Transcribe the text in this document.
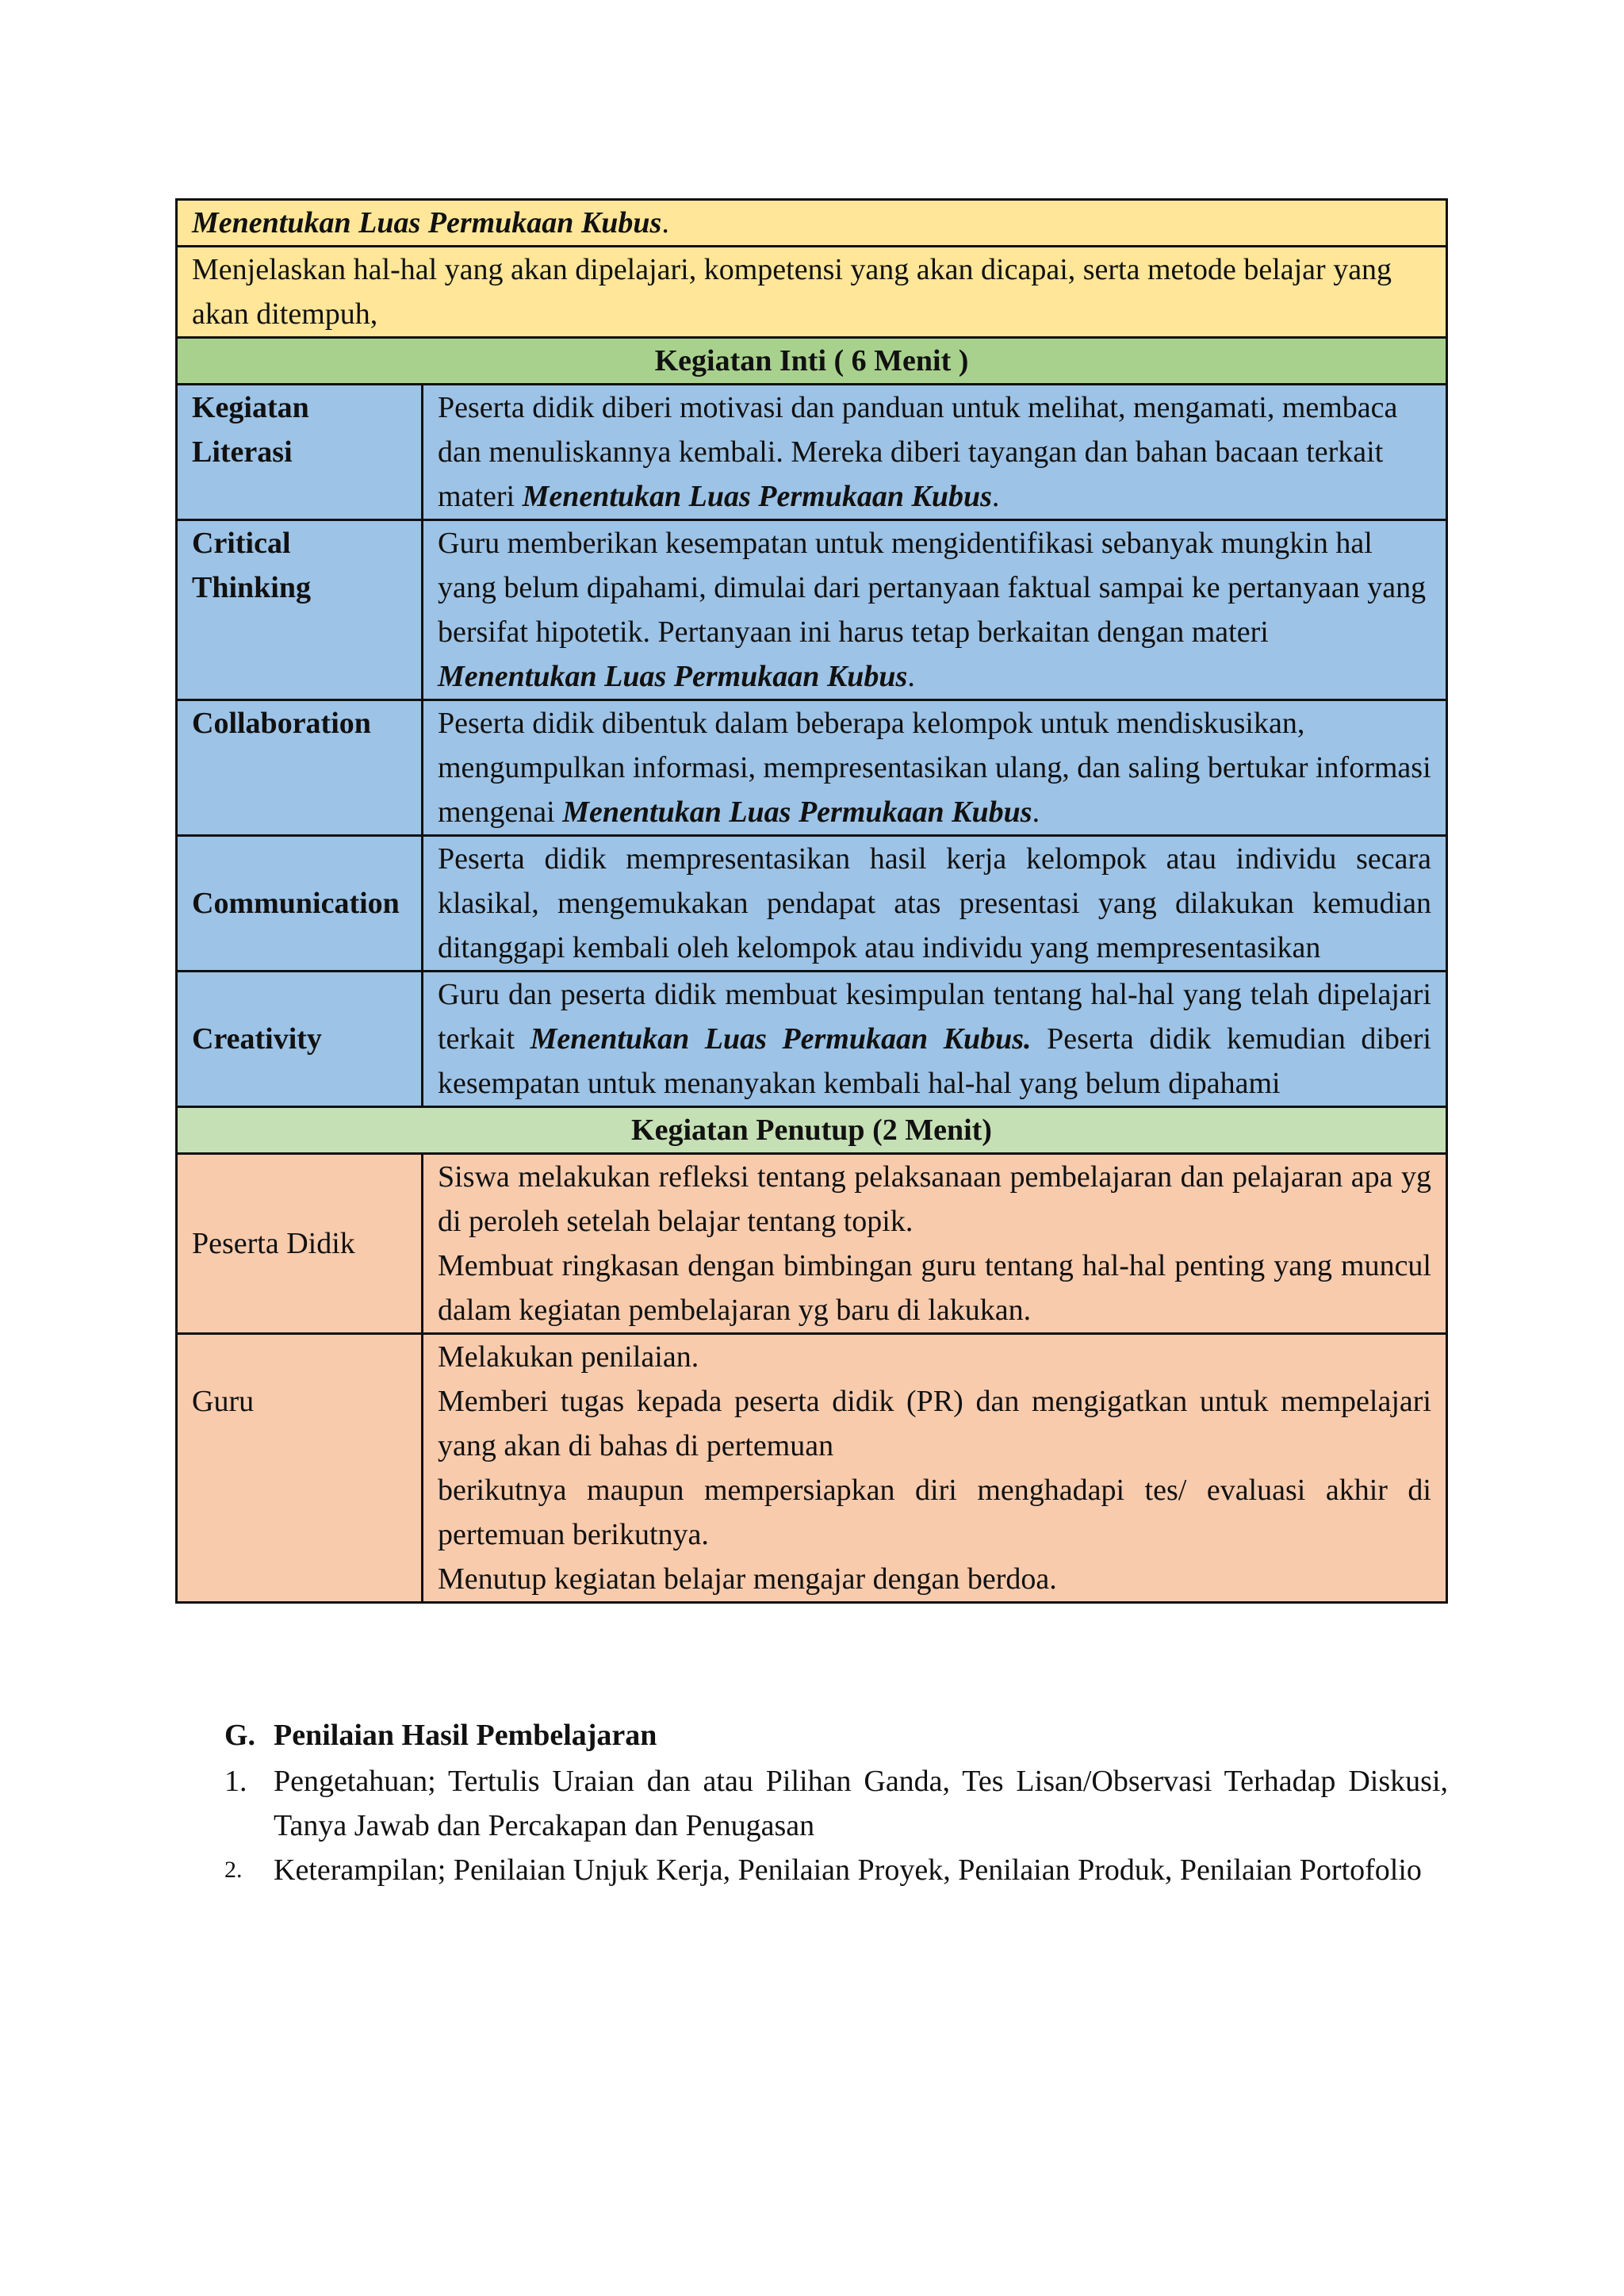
Menentukan Luas Permukaan Kubus.	
Menjelaskan hal-hal yang akan dipelajari, kompetensi yang akan dicapai, serta metode belajar yang akan ditempuh,	
Kegiatan Inti ( 6 Menit )	
Kegiatan Literasi	Peserta didik diberi motivasi dan panduan untuk melihat, mengamati, membaca dan menuliskannya kembali. Mereka diberi tayangan dan bahan bacaan terkait materi Menentukan Luas Permukaan Kubus.
Critical Thinking	Guru memberikan kesempatan untuk mengidentifikasi sebanyak mungkin hal yang belum dipahami, dimulai dari pertanyaan faktual sampai ke pertanyaan yang bersifat hipotetik. Pertanyaan ini harus tetap berkaitan dengan materi Menentukan Luas Permukaan Kubus.
Collaboration	Peserta didik dibentuk dalam beberapa kelompok untuk mendiskusikan, mengumpulkan informasi, mempresentasikan ulang, dan saling bertukar informasi mengenai Menentukan Luas Permukaan Kubus.
Communication	Peserta didik mempresentasikan hasil kerja kelompok atau individu secara klasikal, mengemukakan pendapat atas presentasi yang dilakukan kemudian ditanggapi kembali oleh kelompok atau individu yang mempresentasikan
Creativity	Guru dan peserta didik membuat kesimpulan tentang hal-hal yang telah dipelajari terkait Menentukan Luas Permukaan Kubus. Peserta didik kemudian diberi kesempatan untuk menanyakan kembali hal-hal yang belum dipahami
Kegiatan Penutup (2 Menit)	
Peserta Didik	Siswa melakukan refleksi tentang pelaksanaan pembelajaran dan pelajaran apa yg di peroleh setelah belajar tentang topik.

Membuat ringkasan dengan bimbingan guru tentang hal-hal penting yang muncul dalam kegiatan pembelajaran yg baru di lakukan.

Guru	Melakukan penilaian.

Memberi tugas kepada peserta didik (PR) dan mengigatkan untuk mempelajari yang akan di bahas di pertemuan

berikutnya maupun mempersiapkan diri menghadapi tes/ evaluasi akhir di pertemuan berikutnya.

Menutup kegiatan belajar mengajar dengan berdoa.

G. Penilaian Hasil Pembelajaran

1. Pengetahuan; Tertulis Uraian dan atau Pilihan Ganda, Tes Lisan/Observasi Terhadap Diskusi, Tanya Jawab dan Percakapan dan Penugasan
2. Keterampilan; Penilaian Unjuk Kerja, Penilaian Proyek, Penilaian Produk, Penilaian Portofolio
